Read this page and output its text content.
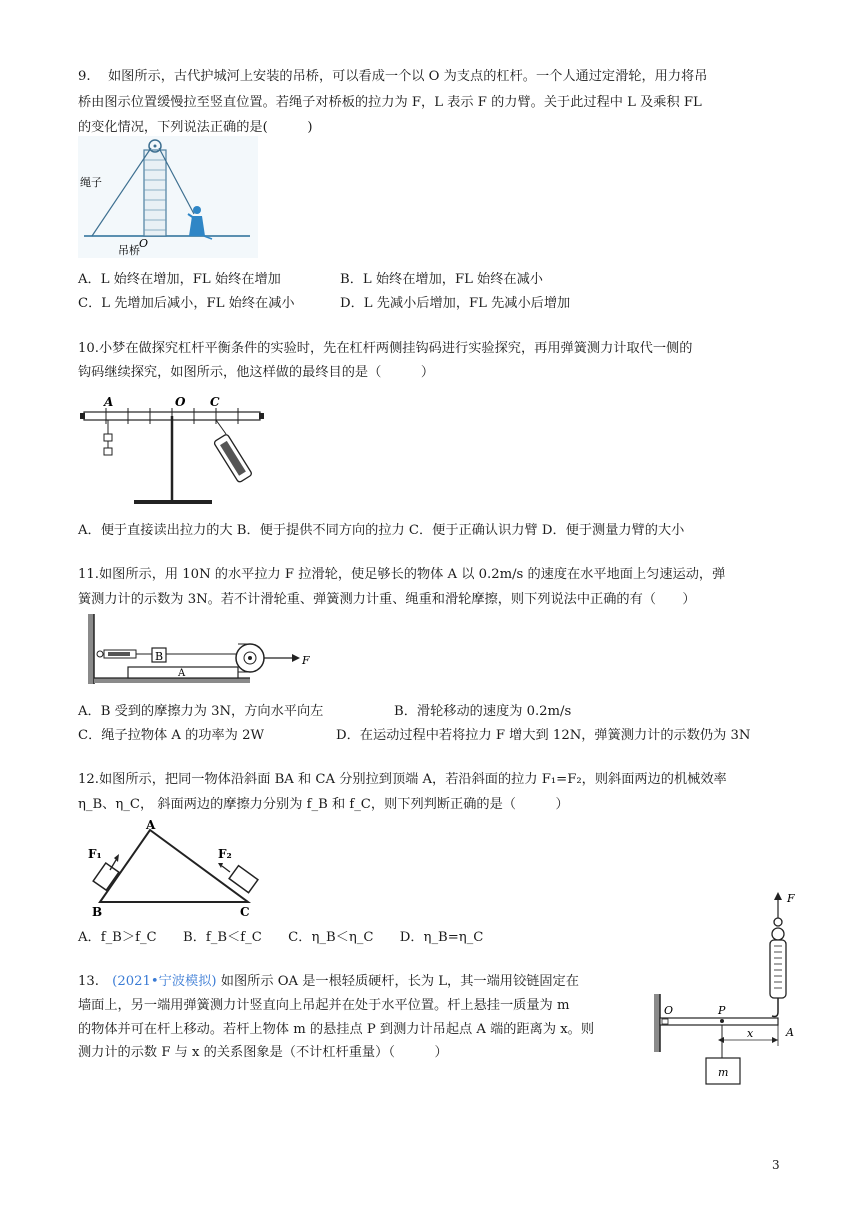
9.　 如图所示，古代护城河上安装的吊桥，可以看成一个以 O 为支点的杠杆。一个人通过定滑轮，用力将吊
桥由图示位置缓慢拉至竖直位置。若绳子对桥板的拉力为 F，L 表示 F 的力臂。关于此过程中 L 及乘积 FL
的变化情况，下列说法正确的是(　　　)
绳子
吊桥
O
A．L 始终在增加，FL 始终在增加	B．L 始终在增加，FL 始终在减小
C．L 先增加后减小，FL 始终在减小	D．L 先减小后增加，FL 先减小后增加
10.小梦在做探究杠杆平衡条件的实验时，先在杠杆两侧挂钩码进行实验探究，再用弹簧测力计取代一侧的
钩码继续探究，如图所示，他这样做的最终目的是（　　　）
A	O C
A．便于直接读出拉力的大 B．便于提供不同方向的拉力 C．便于正确认识力臂 D．便于测量力臂的大小
11.如图所示，用 10N 的水平拉力 F 拉滑轮，使足够长的物体 A 以 0.2m/s 的速度在水平地面上匀速运动，弹
簧测力计的示数为 3N。若不计滑轮重、弹簧测力计重、绳重和滑轮摩擦，则下列说法中正确的有（　　）
B
A
F
A．B 受到的摩擦力为 3N，方向水平向左	B．滑轮移动的速度为 0.2m/s
C．绳子拉物体 A 的功率为 2W	D．在运动过程中若将拉力 F 增大到 12N，弹簧测力计的示数仍为 3N
12.如图所示，把同一物体沿斜面 BA 和 CA 分别拉到顶端 A，若沿斜面的拉力 F₁=F₂，则斜面两边的机械效率
η_B、η_C， 斜面两边的摩擦力分别为 f_B 和 f_C，则下列判断正确的是（　　　）
A
B	C
F₁	F₂
A．f_B＞f_C　　B．f_B＜f_C　　C．η_B＜η_C　　D．η_B=η_C
13.　(2021•宁波模拟) 如图所示 OA 是一根轻质硬杆，长为 L，其一端用铰链固定在
墙面上，另一端用弹簧测力计竖直向上吊起并在处于水平位置。杆上悬挂一质量为 m
的物体并可在杆上移动。若杆上物体 m 的悬挂点 P 到测力计吊起点 A 端的距离为 x。则
测力计的示数 F 与 x 的关系图象是（不计杠杆重量）（　　　）
F
O	P
x	A
m
3
